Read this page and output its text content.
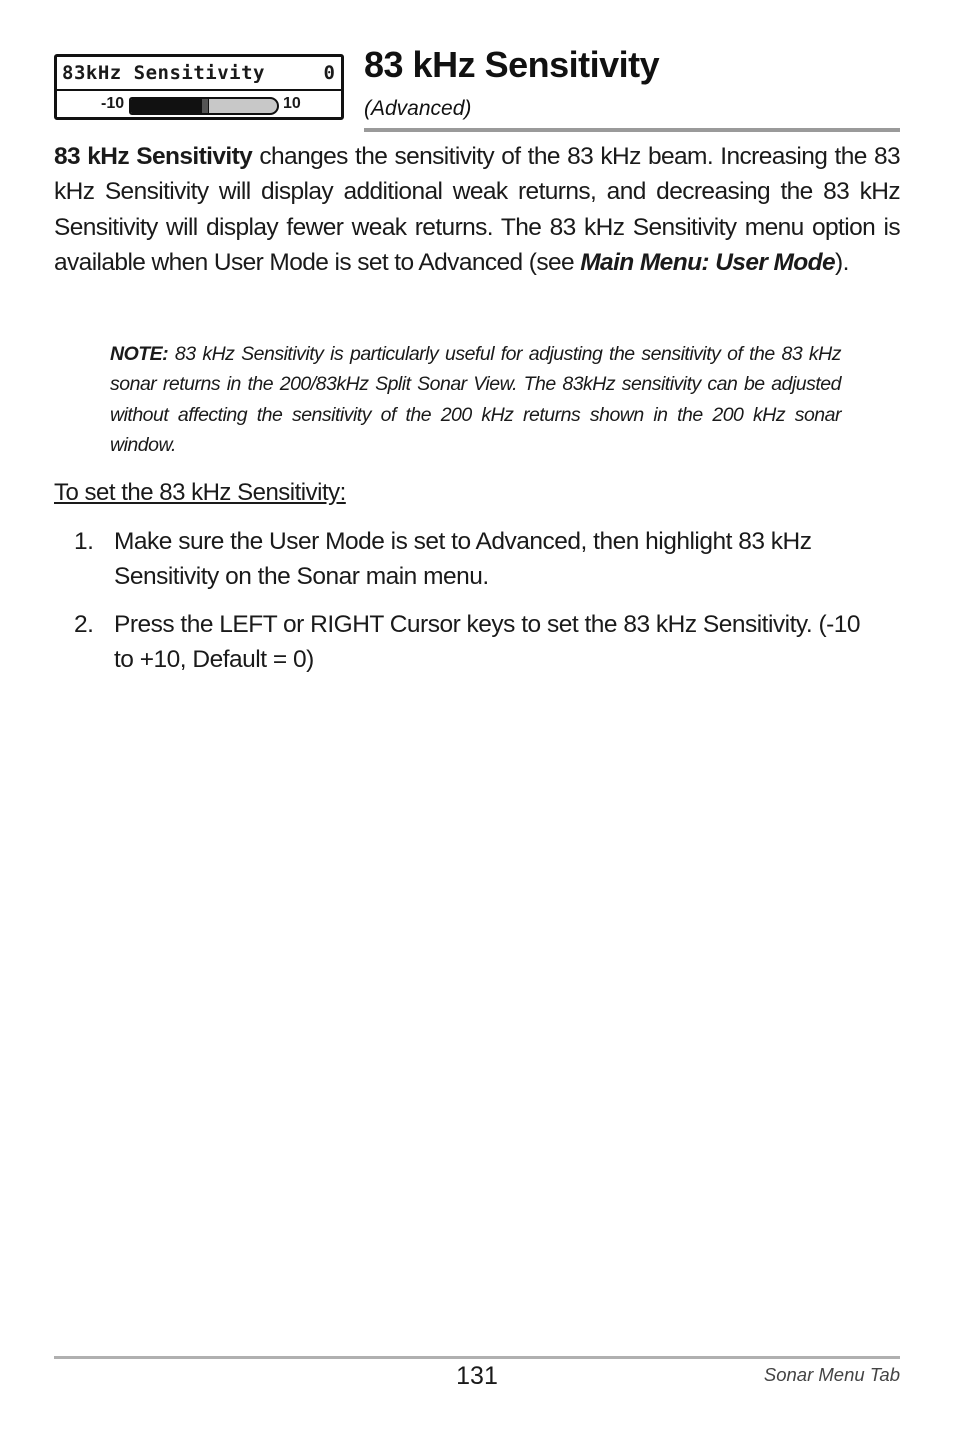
83kHz Sensitivity	0
-10	10
83 kHz Sensitivity
(Advanced)

83 kHz Sensitivity changes the sensitivity of the 83 kHz beam. Increasing the 83 kHz Sensitivity will display additional weak returns, and decreasing the 83 kHz Sensitivity will display fewer weak returns. The 83 kHz Sensitivity menu option is available when User Mode is set to Advanced (see Main Menu: User Mode).

NOTE: 83 kHz Sensitivity is particularly useful for adjusting the sensitivity of the 83 kHz sonar returns in the 200/83kHz Split Sonar View. The 83kHz sensitivity can be adjusted without affecting the sensitivity of the 200 kHz returns shown in the 200 kHz sonar window.

To set the 83 kHz Sensitivity:
1. Make sure the User Mode is set to Advanced, then highlight 83 kHz Sensitivity on the Sonar main menu.
2. Press the LEFT or RIGHT Cursor keys to set the 83 kHz Sensitivity. (-10 to +10, Default = 0)
131	Sonar Menu Tab
